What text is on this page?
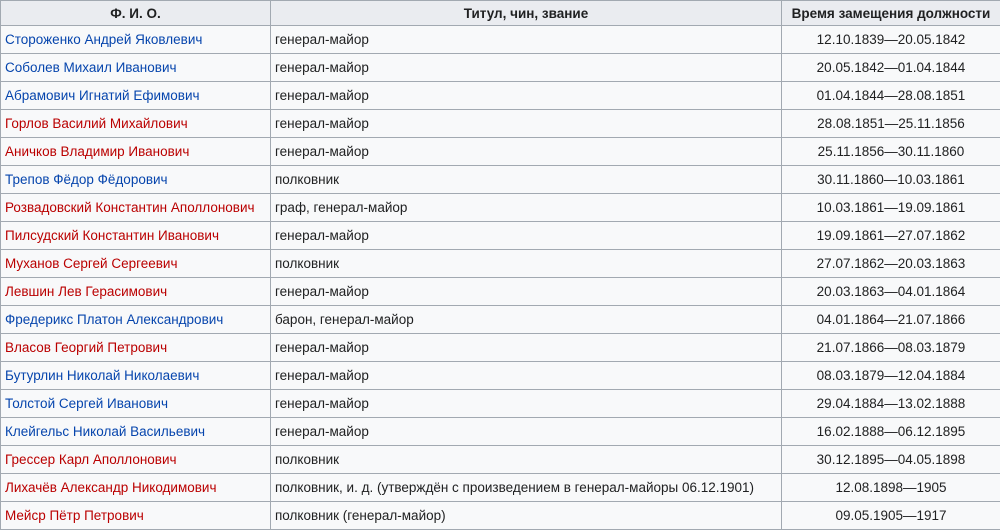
Ф. И. О.	Титул, чин, звание	Время замещения должности
Стороженко Андрей Яковлевич	генерал-майор	12.10.1839—20.05.1842
Соболев Михаил Иванович	генерал-майор	20.05.1842—01.04.1844
Абрамович Игнатий Ефимович	генерал-майор	01.04.1844—28.08.1851
Горлов Василий Михайлович	генерал-майор	28.08.1851—25.11.1856
Аничков Владимир Иванович	генерал-майор	25.11.1856—30.11.1860
Трепов Фёдор Фёдорович	полковник	30.11.1860—10.03.1861
Розвадовский Константин Аполлонович	граф, генерал-майор	10.03.1861—19.09.1861
Пилсудский Константин Иванович	генерал-майор	19.09.1861—27.07.1862
Муханов Сергей Сергеевич	полковник	27.07.1862—20.03.1863
Левшин Лев Герасимович	генерал-майор	20.03.1863—04.01.1864
Фредерикс Платон Александрович	барон, генерал-майор	04.01.1864—21.07.1866
Власов Георгий Петрович	генерал-майор	21.07.1866—08.03.1879
Бутурлин Николай Николаевич	генерал-майор	08.03.1879—12.04.1884
Толстой Сергей Иванович	генерал-майор	29.04.1884—13.02.1888
Клейгельс Николай Васильевич	генерал-майор	16.02.1888—06.12.1895
Грессер Карл Аполлонович	полковник	30.12.1895—04.05.1898
Лихачёв Александр Никодимович	полковник, и. д. (утверждён с произведением в генерал-майоры 06.12.1901)	12.08.1898—1905
Мейср Пётр Петрович	полковник (генерал-майор)	09.05.1905—1917
